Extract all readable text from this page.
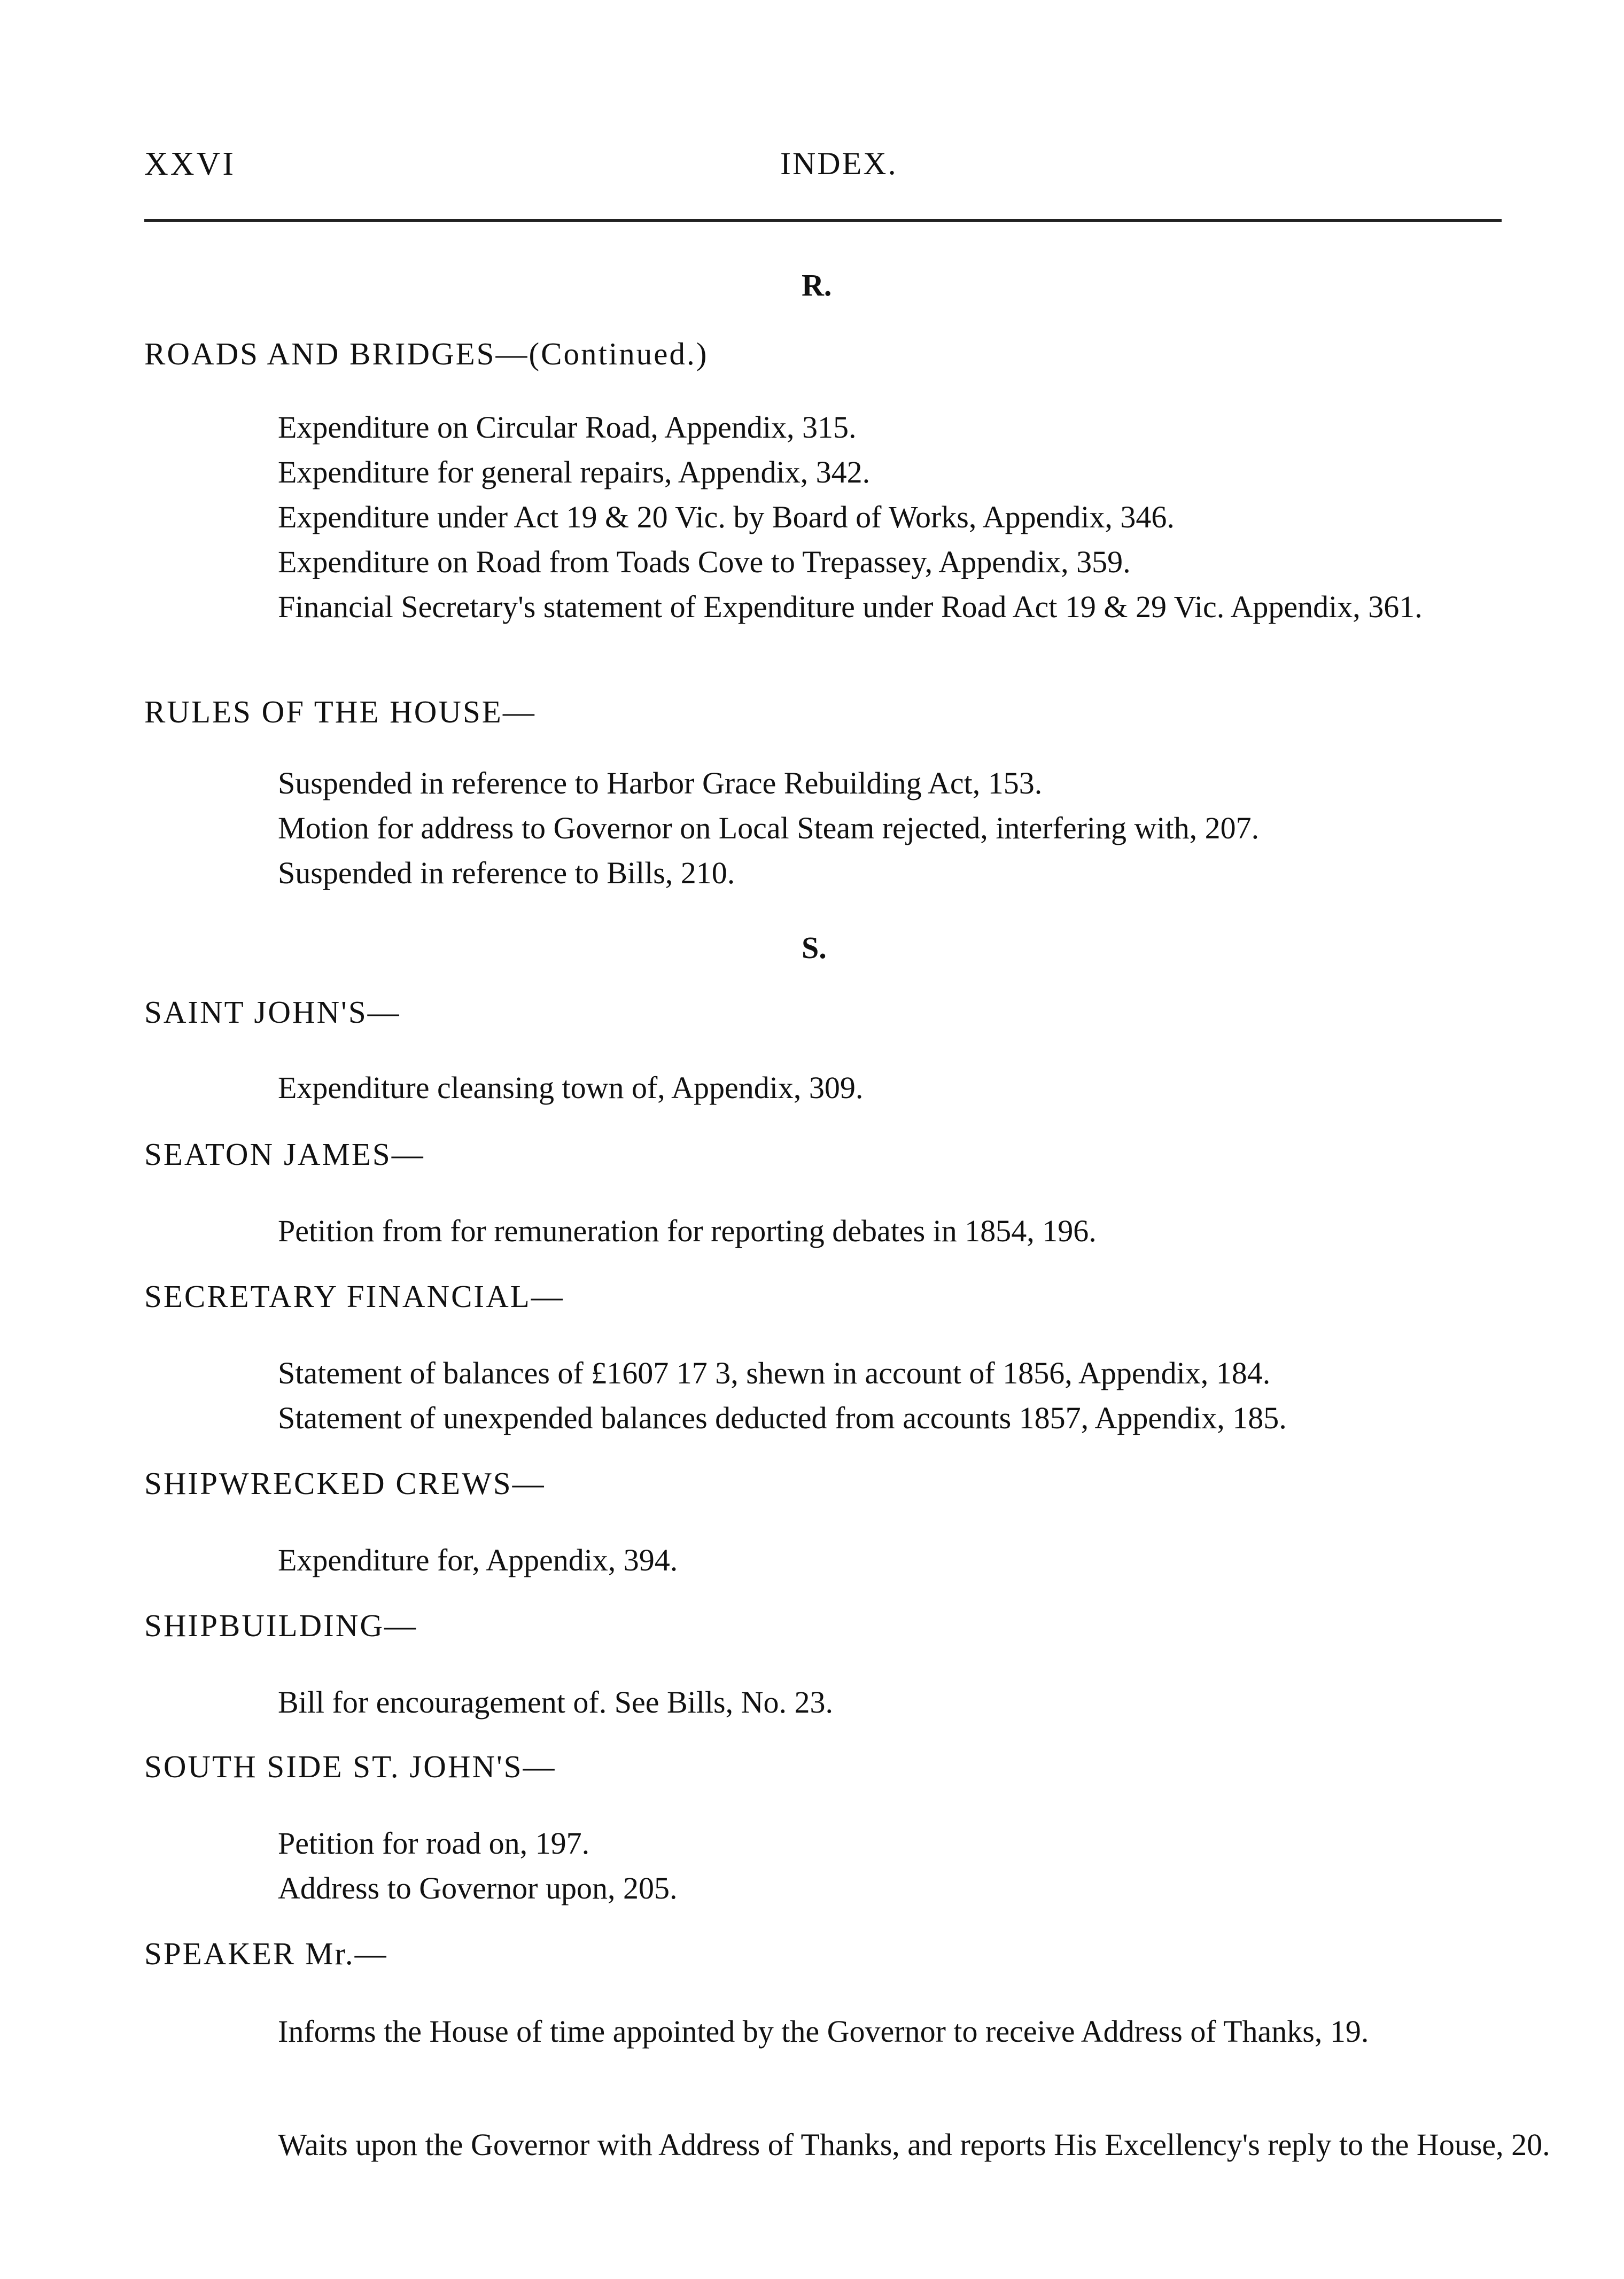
XXVI	INDEX.
R.
ROADS AND BRIDGES—(Continued.)
Expenditure on Circular Road, Appendix, 315.
Expenditure for general repairs, Appendix, 342.
Expenditure under Act 19 & 20 Vic. by Board of Works, Appendix, 346.
Expenditure on Road from Toads Cove to Trepassey, Appendix, 359.
Financial Secretary's statement of Expenditure under Road Act 19 & 29 Vic. Appendix, 361.
RULES OF THE HOUSE—
Suspended in reference to Harbor Grace Rebuilding Act, 153.
Motion for address to Governor on Local Steam rejected, interfering with, 207.
Suspended in reference to Bills, 210.
S.
SAINT JOHN'S—
Expenditure cleansing town of, Appendix, 309.
SEATON JAMES—
Petition from for remuneration for reporting debates in 1854, 196.
SECRETARY FINANCIAL—
Statement of balances of £1607 17 3, shewn in account of 1856, Appendix, 184.
Statement of unexpended balances deducted from accounts 1857, Appendix, 185.
SHIPWRECKED CREWS—
Expenditure for, Appendix, 394.
SHIPBUILDING—
Bill for encouragement of. See Bills, No. 23.
SOUTH SIDE ST. JOHN'S—
Petition for road on, 197.
Address to Governor upon, 205.
SPEAKER Mr.—
Informs the House of time appointed by the Governor to receive Address of Thanks, 19.
Waits upon the Governor with Address of Thanks, and reports His Excellency's reply to the House, 20.
